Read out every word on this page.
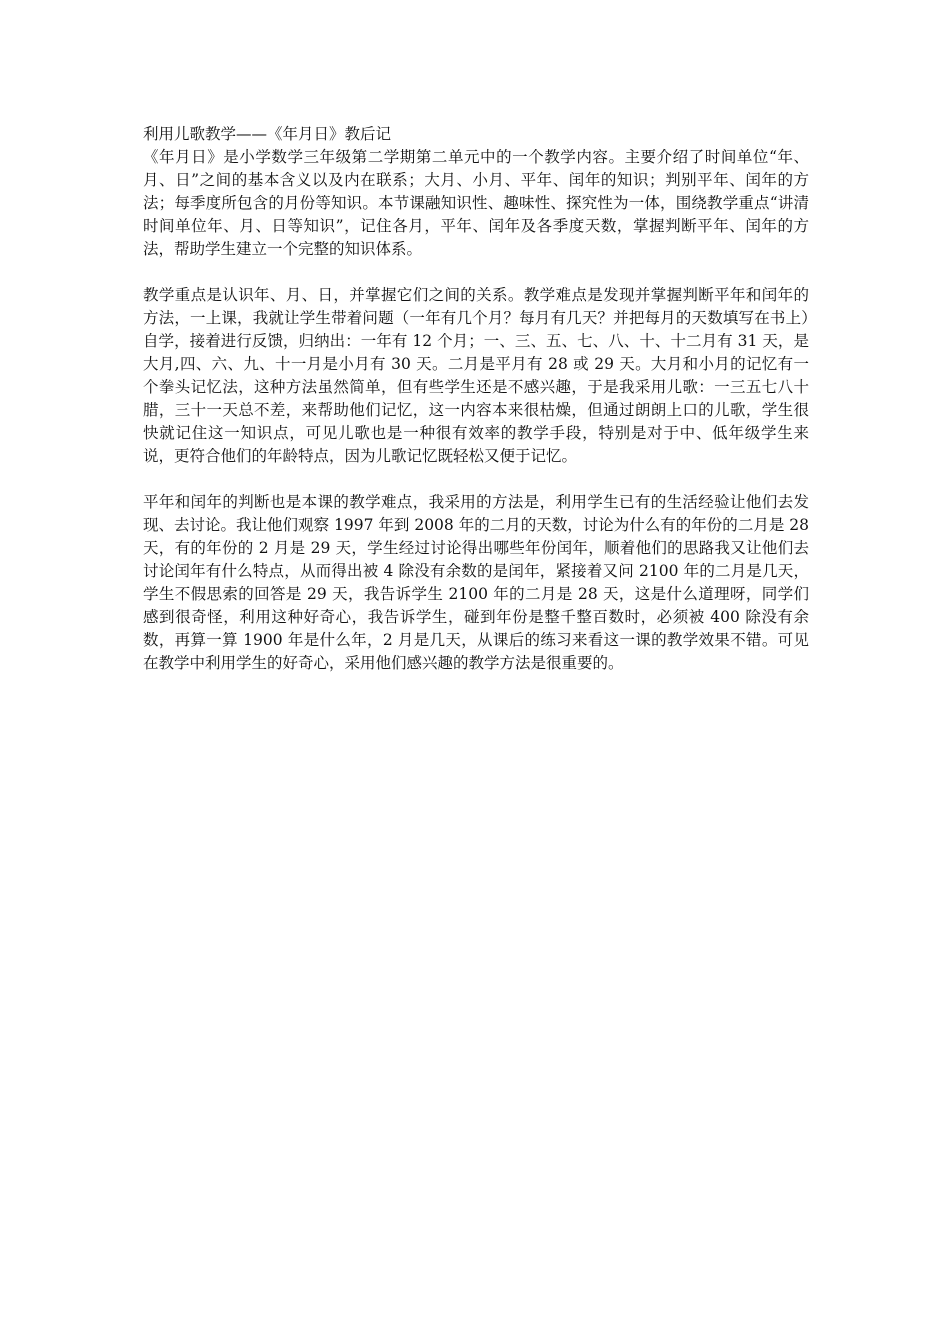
利用儿歌教学——《年月日》教后记

《年月日》是小学数学三年级第二学期第二单元中的一个教学内容。主要介绍了时间单位“年、月、日”之间的基本含义以及内在联系；大月、小月、平年、闰年的知识；判别平年、闰年的方法；每季度所包含的月份等知识。本节课融知识性、趣味性、探究性为一体，围绕教学重点“讲清时间单位年、月、日等知识”，记住各月，平年、闰年及各季度天数，掌握判断平年、闰年的方法，帮助学生建立一个完整的知识体系。

教学重点是认识年、月、日，并掌握它们之间的关系。教学难点是发现并掌握判断平年和闰年的方法，一上课，我就让学生带着问题（一年有几个月？每月有几天？并把每月的天数填写在书上）自学，接着进行反馈，归纳出：一年有 12 个月；一、三、五、七、八、十、十二月有 31 天，是大月,四、六、九、十一月是小月有 30 天。二月是平月有 28 或 29 天。大月和小月的记忆有一个拳头记忆法，这种方法虽然简单，但有些学生还是不感兴趣，于是我采用儿歌：一三五七八十腊，三十一天总不差，来帮助他们记忆，这一内容本来很枯燥，但通过朗朗上口的儿歌，学生很快就记住这一知识点，可见儿歌也是一种很有效率的教学手段，特别是对于中、低年级学生来说，更符合他们的年龄特点，因为儿歌记忆既轻松又便于记忆。

平年和闰年的判断也是本课的教学难点，我采用的方法是，利用学生已有的生活经验让他们去发现、去讨论。我让他们观察 1997 年到 2008 年的二月的天数，讨论为什么有的年份的二月是 28 天，有的年份的 2 月是 29 天，学生经过讨论得出哪些年份闰年，顺着他们的思路我又让他们去讨论闰年有什么特点，从而得出被 4 除没有余数的是闰年，紧接着又问 2100 年的二月是几天，学生不假思索的回答是 29 天，我告诉学生 2100 年的二月是 28 天，这是什么道理呀，同学们感到很奇怪，利用这种好奇心，我告诉学生，碰到年份是整千整百数时，必须被 400 除没有余数，再算一算 1900 年是什么年，2 月是几天，从课后的练习来看这一课的教学效果不错。可见在教学中利用学生的好奇心，采用他们感兴趣的教学方法是很重要的。
